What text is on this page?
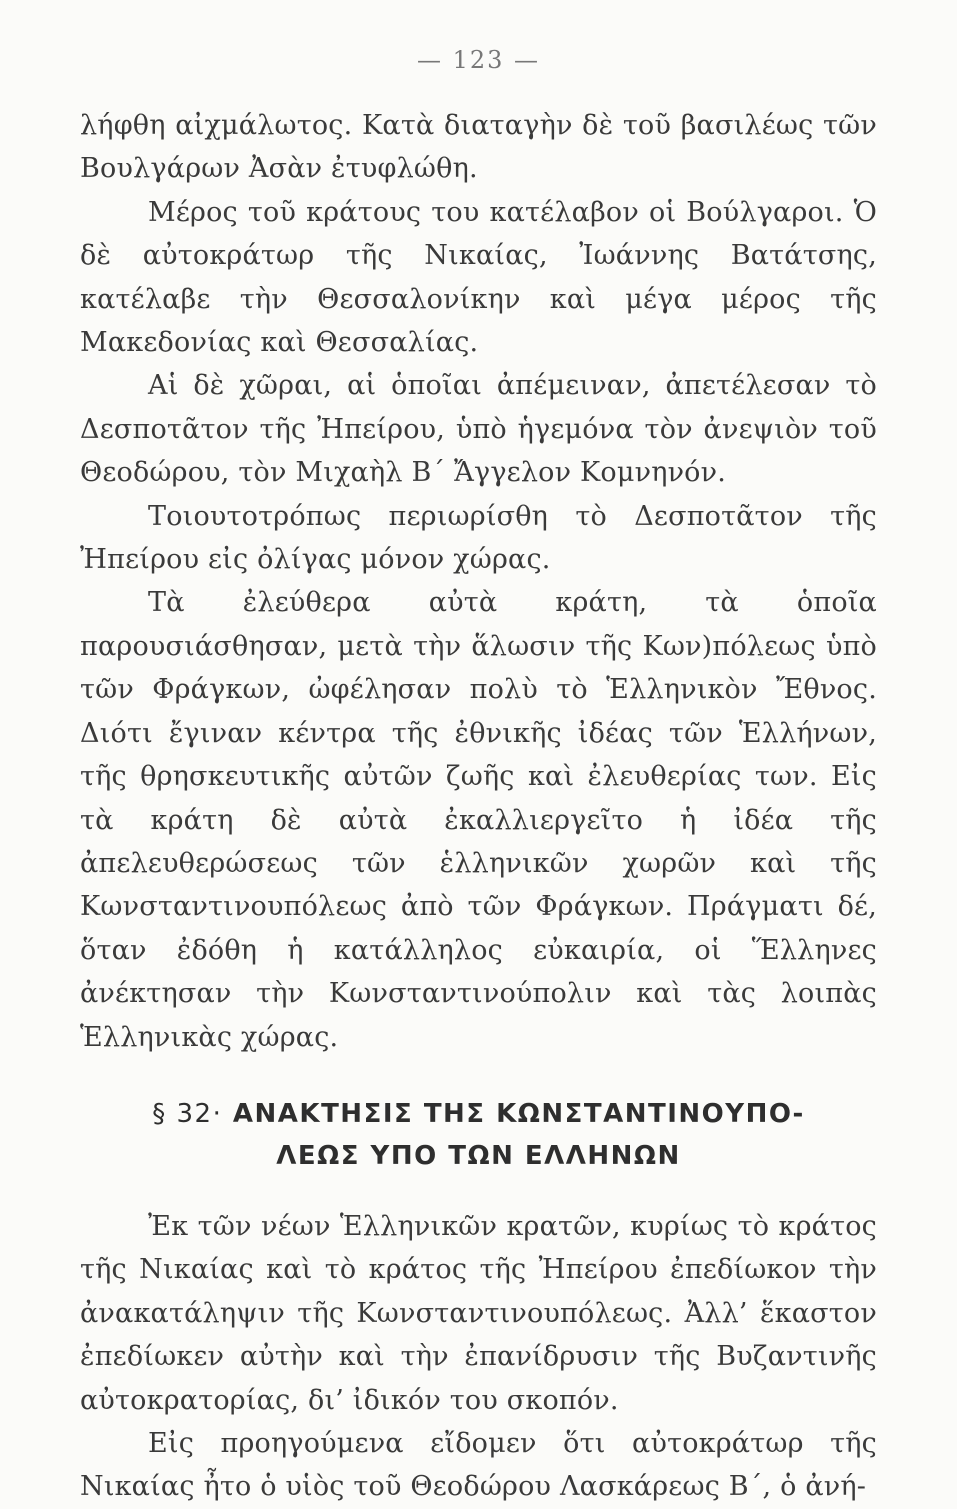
— 123 —

λήφθη αἰχμάλωτος. Κατὰ διαταγὴν δὲ τοῦ βασιλέως τῶν Βουλγάρων Ἀσὰν ἐτυφλώθη.

Μέρος τοῦ κράτους του κατέλαβον οἱ Βούλγαροι. Ὁ δὲ αὐτοκράτωρ τῆς Νικαίας, Ἰωάννης Βατάτσης, κατέλαβε τὴν Θεσσαλονίκην καὶ μέγα μέρος τῆς Μακεδονίας καὶ Θεσσαλίας.

Αἱ δὲ χῶραι, αἱ ὁποῖαι ἀπέμειναν, ἀπετέλεσαν τὸ Δεσποτᾶτον τῆς Ἠπείρου, ὑπὸ ἡγεμόνα τὸν ἀνεψιὸν τοῦ Θεοδώρου, τὸν Μιχαὴλ Β΄ Ἄγγελον Κομνηνόν.

Τοιουτοτρόπως περιωρίσθη τὸ Δεσποτᾶτον τῆς Ἠπείρου εἰς ὀλίγας μόνον χώρας.

Τὰ ἐλεύθερα αὐτὰ κράτη, τὰ ὁποῖα παρουσιάσθησαν, μετὰ τὴν ἅλωσιν τῆς Κων)πόλεως ὑπὸ τῶν Φράγκων, ὠφέλησαν πολὺ τὸ Ἑλληνικὸν Ἔθνος. Διότι ἔγιναν κέντρα τῆς ἐθνικῆς ἰδέας τῶν Ἑλλήνων, τῆς θρησκευτικῆς αὐτῶν ζωῆς καὶ ἐλευθερίας των. Εἰς τὰ κράτη δὲ αὐτὰ ἐκαλλιεργεῖτο ἡ ἰδέα τῆς ἀπελευθερώσεως τῶν ἑλληνικῶν χωρῶν καὶ τῆς Κωνσταντινουπόλεως ἀπὸ τῶν Φράγκων. Πράγματι δέ, ὅταν ἐδόθη ἡ κατάλληλος εὐκαιρία, οἱ Ἕλληνες ἀνέκτησαν τὴν Κωνσταντινούπολιν καὶ τὰς λοιπὰς Ἑλληνικὰς χώρας.

§ 32· ΑΝΑΚΤΗΣΙΣ ΤΗΣ ΚΩΝΣΤΑΝΤΙΝΟΥΠΟ-
ΛΕΩΣ ΥΠΟ ΤΩΝ ΕΛΛΗΝΩΝ

Ἐκ τῶν νέων Ἑλληνικῶν κρατῶν, κυρίως τὸ κράτος τῆς Νικαίας καὶ τὸ κράτος τῆς Ἠπείρου ἐπεδίωκον τὴν ἀνακατάληψιν τῆς Κωνσταντινουπόλεως. Ἀλλ’ ἕκαστον ἐπεδίωκεν αὐτὴν καὶ τὴν ἐπανίδρυσιν τῆς Βυζαντινῆς αὐτοκρατορίας, δι’ ἰδικόν του σκοπόν.

Εἰς προηγούμενα εἴδομεν ὅτι αὐτοκράτωρ τῆς Νικαίας ἦτο ὁ υἱὸς τοῦ Θεοδώρου Λασκάρεως Β΄, ὁ ἀνή-
